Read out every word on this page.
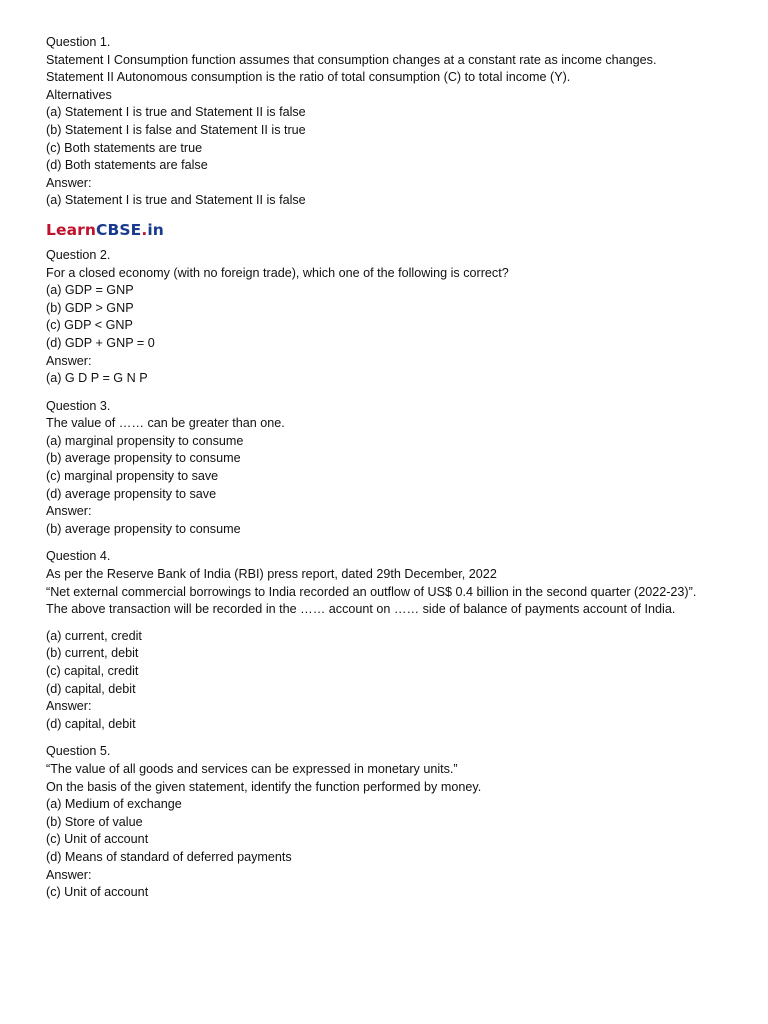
Question 1.
Statement I Consumption function assumes that consumption changes at a constant rate as income changes.
Statement II Autonomous consumption is the ratio of total consumption (C) to total income (Y).
Alternatives
(a) Statement I is true and Statement II is false
(b) Statement I is false and Statement II is true
(c) Both statements are true
(d) Both statements are false
Answer:
(a) Statement I is true and Statement II is false
LearnCBSE.in
Question 2.
For a closed economy (with no foreign trade), which one of the following is correct?
(a) GDP = GNP
(b) GDP > GNP
(c) GDP < GNP
(d) GDP + GNP = 0
Answer:
(a) G D P = G N P
Question 3.
The value of …… can be greater than one.
(a) marginal propensity to consume
(b) average propensity to consume
(c) marginal propensity to save
(d) average propensity to save
Answer:
(b) average propensity to consume
Question 4.
As per the Reserve Bank of India (RBI) press report, dated 29th December, 2022
“Net external commercial borrowings to India recorded an outflow of US$ 0.4 billion in the second quarter (2022-23)”.
The above transaction will be recorded in the …… account on …… side of balance of payments account of India.
(a) current, credit
(b) current, debit
(c) capital, credit
(d) capital, debit
Answer:
(d) capital, debit
Question 5.
“The value of all goods and services can be expressed in monetary units.”
On the basis of the given statement, identify the function performed by money.
(a) Medium of exchange
(b) Store of value
(c) Unit of account
(d) Means of standard of deferred payments
Answer:
(c) Unit of account
